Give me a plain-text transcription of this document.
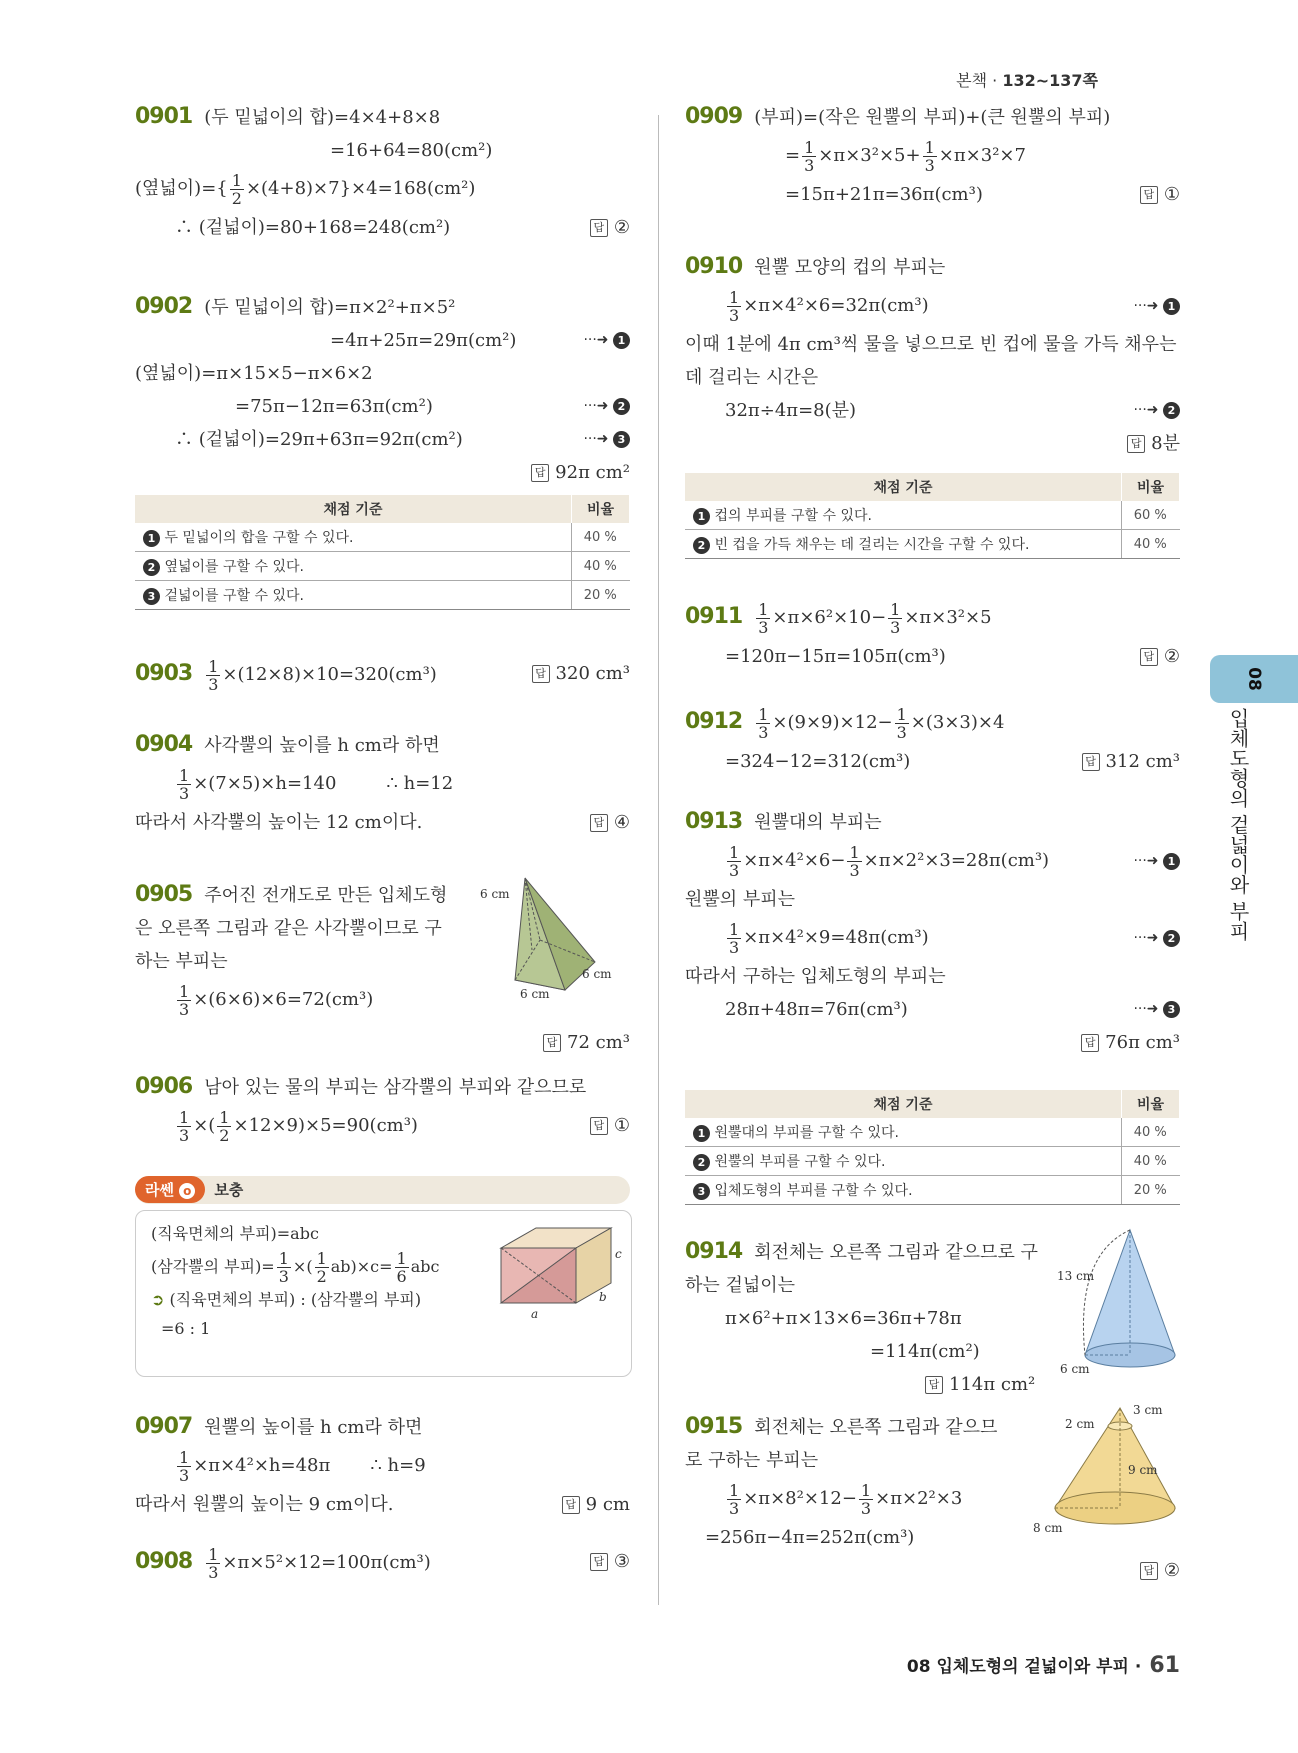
본책 · 132~137쪽
0901 (두 밑넓이의 합)=4×4+8×8
=16+64=80(cm²)
(옆넓이)={ $\frac{1}{2} \times(4+8)\times 7\}\times 4=168(cm^2)$
∴ (겉넓이)=80+168=248(cm²)	답 ②
0902 (두 밑넓이의 합)=π×2²+π×5²
=4π+25π=29π(cm²)	···➜ 1
(옆넓이)=π×15×5−π×6×2
=75π−12π=63π(cm²)	···➜ 2
∴ (겉넓이)=29π+63π=92π(cm²)	···➜ 3
답 92π cm²
채점 기준	비율
1 두 밑넓이의 합을 구할 수 있다.	40 %
2 옆넓이를 구할 수 있다.	40 %
3 겉넓이를 구할 수 있다.	20 %
$0903 \frac{1}{3} \times(12\times 8)\times 10=320(cm^3)$	답 320 cm³
0904 사각뿔의 높이를 h cm라 하면
$\frac{1}{3} \times(7\times 5)\times h=140$	∴ h=12
따라서 사각뿔의 높이는 12 cm이다.	답 ④
0905 주어진 전개도로 만든 입체도형
은 오른쪽 그림과 같은 사각뿔이므로 구
하는 부피는
$\frac{1}{3} \times(6\times 6)\times 6=72(cm^3)$
답 72 cm³
6 cm
6 cm
6 cm
0906 남아 있는 물의 부피는 삼각뿔의 부피와 같으므로
$\frac{1}{3}$ ×( $\frac{1}{2} \times 12\times 9)\times 5=90(cm^3)$	답 ①
라쎈 o 보충
(직육면체의 부피)=abc
(삼각뿔의 부피)= $\frac{1}{3}$ ×( $\frac{1}{2} ab)\times c= \frac{1}{6}$ abc
➲ (직육면체의 부피) : (삼각뿔의 부피)
=6 : 1
a
b
c
0907 원뿔의 높이를 h cm라 하면
$\frac{1}{3} \times\pi\times 4^2\times h=48\pi$ ∴ h=9
따라서 원뿔의 높이는 9 cm이다.	답 9 cm
$0908 \frac{1}{3} \times\pi\times 5^2\times 12=100\pi(cm^3)$	답 ③
0909 (부피)=(작은 원뿔의 부피)+(큰 원뿔의 부피)
= $\frac{1}{3} \times\pi\times 3^2\times 5+ \frac{1}{3} \times\pi\times 3^2\times 7$
=15π+21π=36π(cm³)	답 ①
0910 원뿔 모양의 컵의 부피는
$\frac{1}{3} \times\pi\times 4^2\times 6=32\pi(cm^3)$	···➜ 1
이때 1분에 4π cm³씩 물을 넣으므로 빈 컵에 물을 가득 채우는
데 걸리는 시간은
32π÷4π=8(분)	···➜ 2
답 8분
채점 기준	비율
1 컵의 부피를 구할 수 있다.	60 %
2 빈 컵을 가득 채우는 데 걸리는 시간을 구할 수 있다.	40 %
$0911 \frac{1}{3} \times\pi\times 6^2\times 10- \frac{1}{3} \times\pi\times 3^2\times 5$
=120π−15π=105π(cm³)	답 ②
$0912 \frac{1}{3} \times(9\times 9)\times 12- \frac{1}{3} \times(3\times 3)\times 4$
=324−12=312(cm³)	답 312 cm³
0913 원뿔대의 부피는
$\frac{1}{3} \times\pi\times 4^2\times 6- \frac{1}{3} \times\pi\times 2^2\times 3=28\pi(cm^3)$	···➜ 1
원뿔의 부피는
$\frac{1}{3} \times\pi\times 4^2\times 9=48\pi(cm^3)$	···➜ 2
따라서 구하는 입체도형의 부피는
28π+48π=76π(cm³)	···➜ 3
답 76π cm³
채점 기준	비율
1 원뿔대의 부피를 구할 수 있다.	40 %
2 원뿔의 부피를 구할 수 있다.	40 %
3 입체도형의 부피를 구할 수 있다.	20 %
0914 회전체는 오른쪽 그림과 같으므로 구
하는 겉넓이는
π×6²+π×13×6=36π+78π
=114π(cm²)
답 114π cm²
13 cm
6 cm
0915 회전체는 오른쪽 그림과 같으므
로 구하는 부피는
$\frac{1}{3} \times\pi\times 8^2\times 12- \frac{1}{3} \times\pi\times 2^2\times 3$
=256π−4π=252π(cm³)
답 ②
3 cm
2 cm
9 cm
8 cm
08
입체도형의 겉넓이와 부피
08 입체도형의 겉넓이와 부피 · 61
